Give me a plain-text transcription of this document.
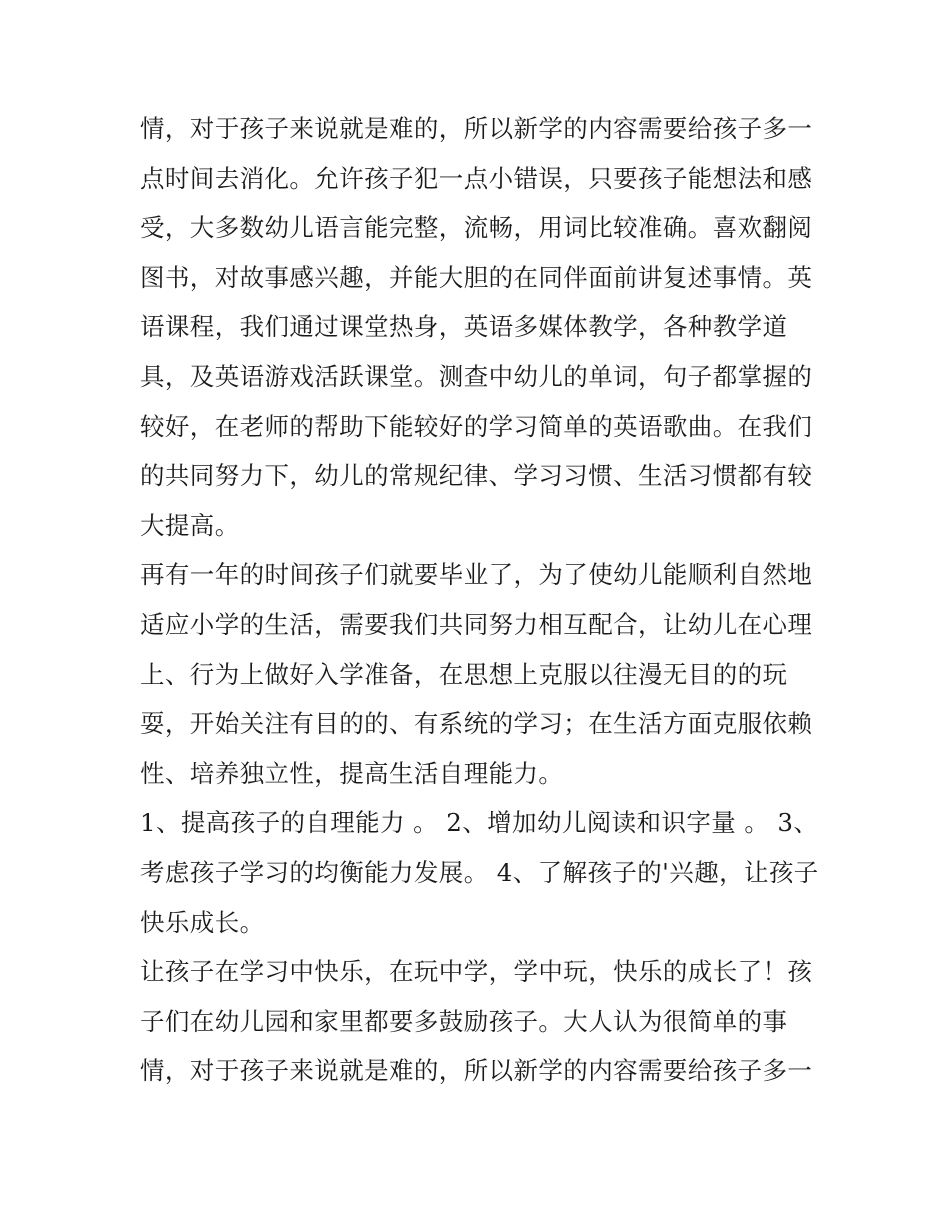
情，对于孩子来说就是难的，所以新学的内容需要给孩子多一
点时间去消化。允许孩子犯一点小错误，只要孩子能想法和感
受，大多数幼儿语言能完整，流畅，用词比较准确。喜欢翻阅
图书，对故事感兴趣，并能大胆的在同伴面前讲复述事情。英
语课程，我们通过课堂热身，英语多媒体教学，各种教学道
具，及英语游戏活跃课堂。测查中幼儿的单词，句子都掌握的
较好，在老师的帮助下能较好的学习简单的英语歌曲。在我们
的共同努力下，幼儿的常规纪律、学习习惯、生活习惯都有较
大提高。
再有一年的时间孩子们就要毕业了，为了使幼儿能顺利自然地
适应小学的生活，需要我们共同努力相互配合，让幼儿在心理
上、行为上做好入学准备，在思想上克服以往漫无目的的玩
耍，开始关注有目的的、有系统的学习；在生活方面克服依赖
性、培养独立性，提高生活自理能力。
1、提高孩子的自理能力 。 2、增加幼儿阅读和识字量 。 3、
考虑孩子学习的均衡能力发展。 4、了解孩子的'兴趣，让孩子
快乐成长。
让孩子在学习中快乐，在玩中学，学中玩，快乐的成长了！孩
子们在幼儿园和家里都要多鼓励孩子。大人认为很简单的事
情，对于孩子来说就是难的，所以新学的内容需要给孩子多一
